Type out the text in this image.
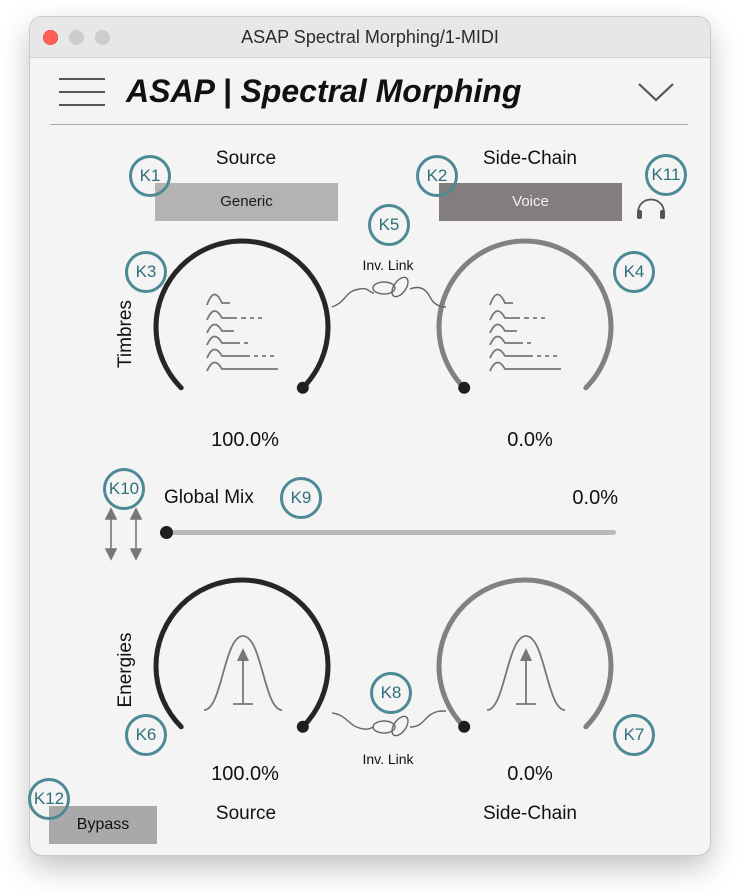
ASAP Spectral Morphing/1-MIDI
ASAP | Spectral Morphing
Source	Side-Chain
Generic	Voice
Timbres
Inv. Link
100.0%	0.0%
Global Mix	0.0%
Energies
Inv. Link
100.0%	0.0%
Source	Side-Chain
Bypass
K1	K2	K11
K5
K3	K4
K10	K9
K8
K6	K7
K12
